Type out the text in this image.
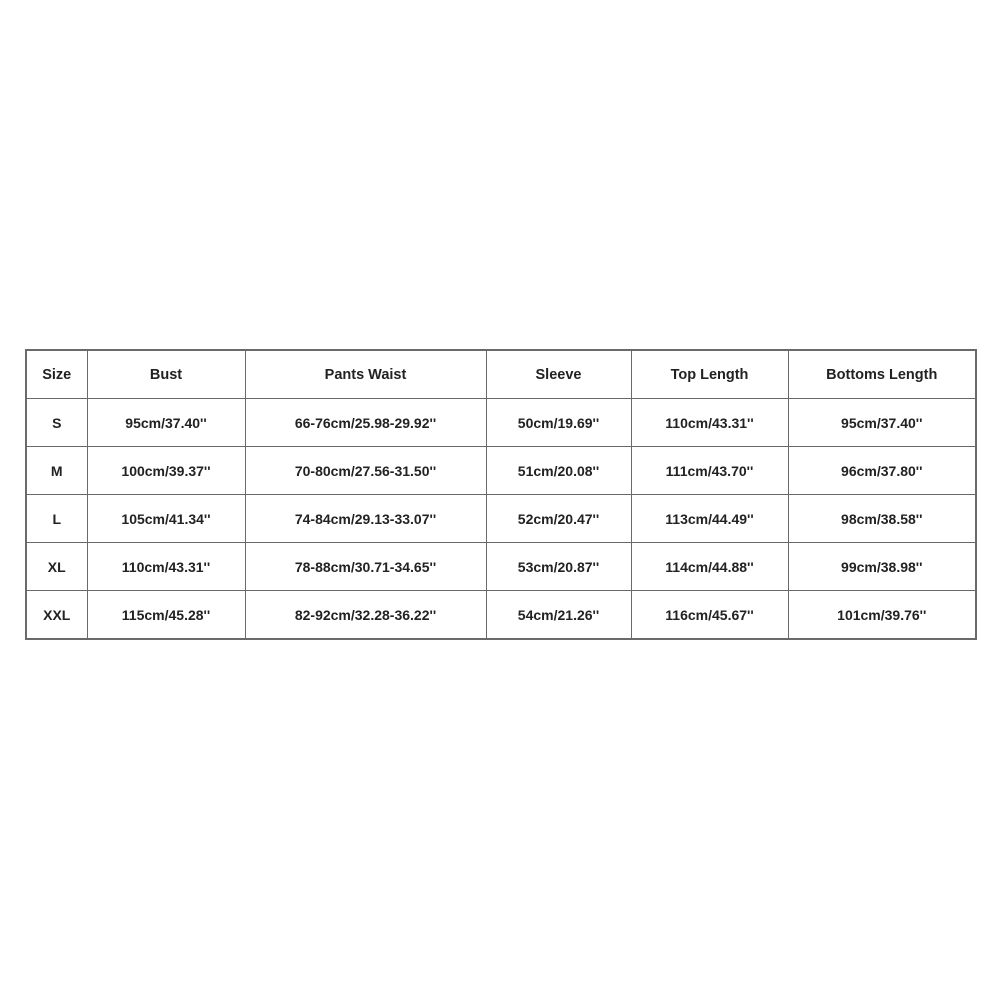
Size	Bust	Pants Waist	Sleeve	Top Length	Bottoms Length
S	95cm/37.40''	66-76cm/25.98-29.92''	50cm/19.69''	110cm/43.31''	95cm/37.40''
M	100cm/39.37''	70-80cm/27.56-31.50''	51cm/20.08''	111cm/43.70''	96cm/37.80''
L	105cm/41.34''	74-84cm/29.13-33.07''	52cm/20.47''	113cm/44.49''	98cm/38.58''
XL	110cm/43.31''	78-88cm/30.71-34.65''	53cm/20.87''	114cm/44.88''	99cm/38.98''
XXL	115cm/45.28''	82-92cm/32.28-36.22''	54cm/21.26''	116cm/45.67''	101cm/39.76''
